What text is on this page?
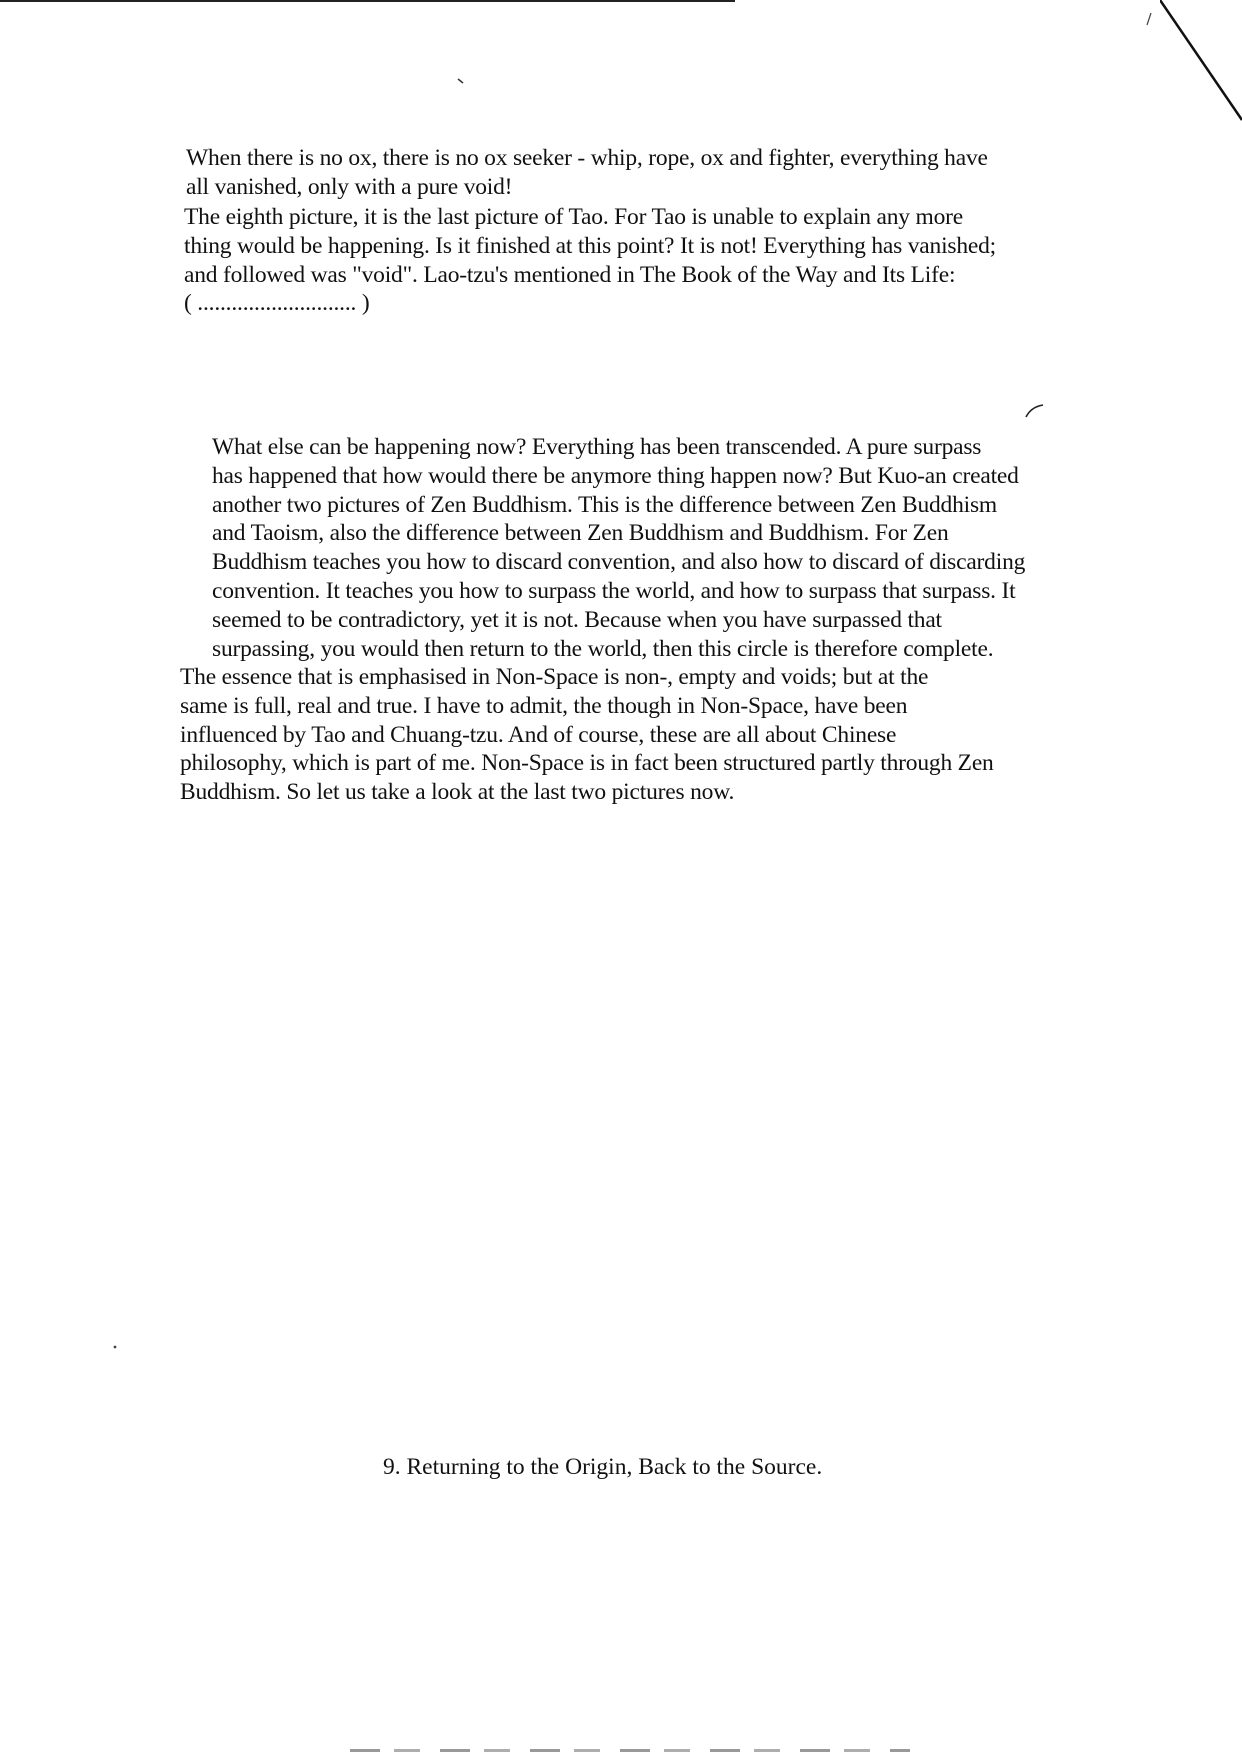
When there is no ox, there is no ox seeker - whip, rope, ox and fighter, everything have
all vanished, only with a pure void!

The eighth picture, it is the last picture of Tao. For Tao is unable to explain any more
thing would be happening. Is it finished at this point? It is not! Everything has vanished;
and followed was "void". Lao-tzu's mentioned in The Book of the Way and Its Life:
( ............................ )

What else can be happening now? Everything has been transcended. A pure surpass
has happened that how would there be anymore thing happen now? But Kuo-an created
another two pictures of Zen Buddhism. This is the difference between Zen Buddhism
and Taoism, also the difference between Zen Buddhism and Buddhism. For Zen
Buddhism teaches you how to discard convention, and also how to discard of discarding
convention. It teaches you how to surpass the world, and how to surpass that surpass. It
seemed to be contradictory, yet it is not. Because when you have surpassed that
surpassing, you would then return to the world, then this circle is therefore complete.

The essence that is emphasised in Non-Space is non-, empty and voids; but at the
same is full, real and true. I have to admit, the though in Non-Space, have been
influenced by Tao and Chuang-tzu. And of course, these are all about Chinese
philosophy, which is part of me. Non-Space is in fact been structured partly through Zen
Buddhism. So let us take a look at the last two pictures now.

9. Returning to the Origin, Back to the Source.
